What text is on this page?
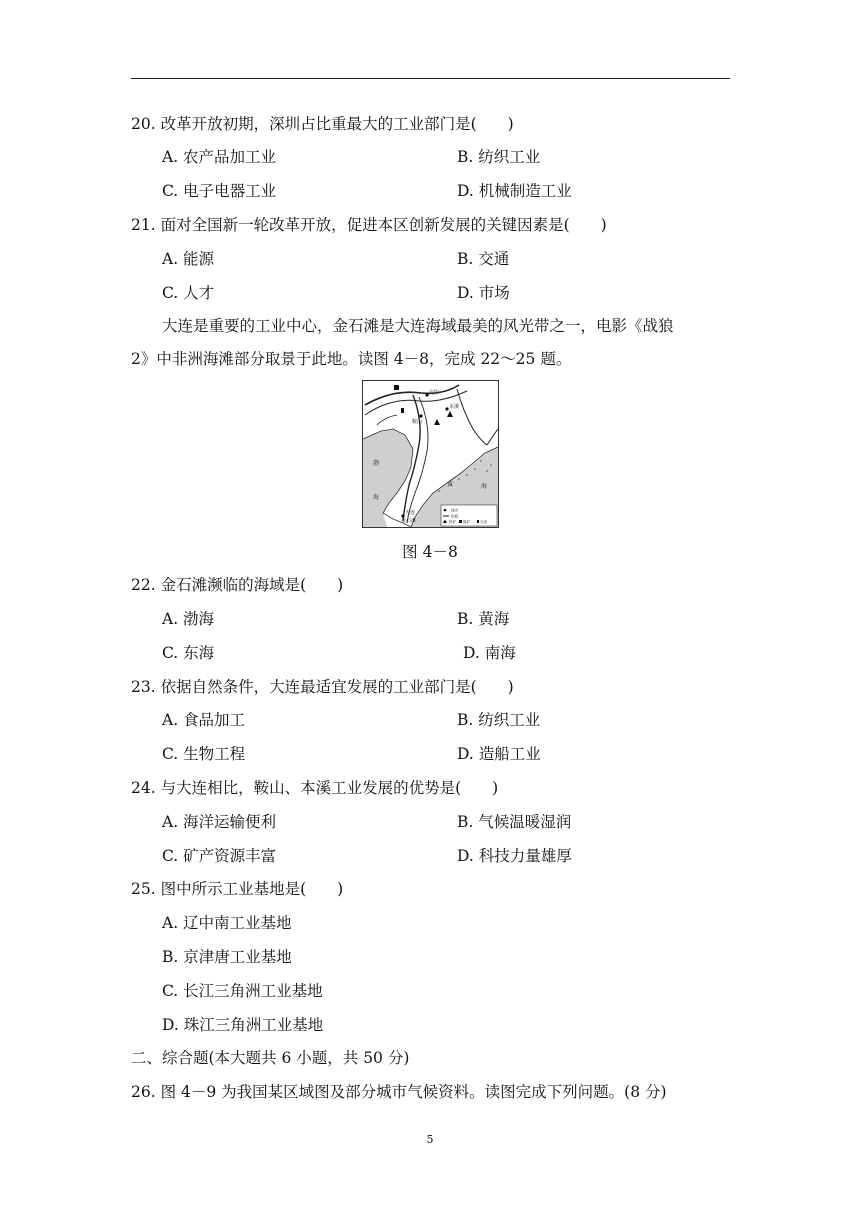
20. 改革开放初期，深圳占比重最大的工业部门是(　　)
A. 农产品加工业	B. 纺织工业
C. 电子电器工业	D. 机械制造工业
21. 面对全国新一轮改革开放，促进本区创新发展的关键因素是(　　)
A. 能源	B. 交通
C. 人才	D. 市场
大连是重要的工业中心，金石滩是大连海域最美的风光带之一，电影《战狼
2》中非洲海滩部分取景于此地。读图 4－8，完成 22～25 题。
沈阳
本溪
鞍山
大连
金石滩
渤
海
黄	海
城市
铁路
铁矿 煤矿	石油
图 4－8
22. 金石滩濒临的海域是(　　)
A. 渤海	B. 黄海
C. 东海	D. 南海
23. 依据自然条件，大连最适宜发展的工业部门是(　　)
A. 食品加工	B. 纺织工业
C. 生物工程	D. 造船工业
24. 与大连相比，鞍山、本溪工业发展的优势是(　　)
A. 海洋运输便利	B. 气候温暖湿润
C. 矿产资源丰富	D. 科技力量雄厚
25. 图中所示工业基地是(　　)
A. 辽中南工业基地
B. 京津唐工业基地
C. 长江三角洲工业基地
D. 珠江三角洲工业基地
二、综合题(本大题共 6 小题，共 50 分)
26. 图 4－9 为我国某区域图及部分城市气候资料。读图完成下列问题。(8 分)
5
